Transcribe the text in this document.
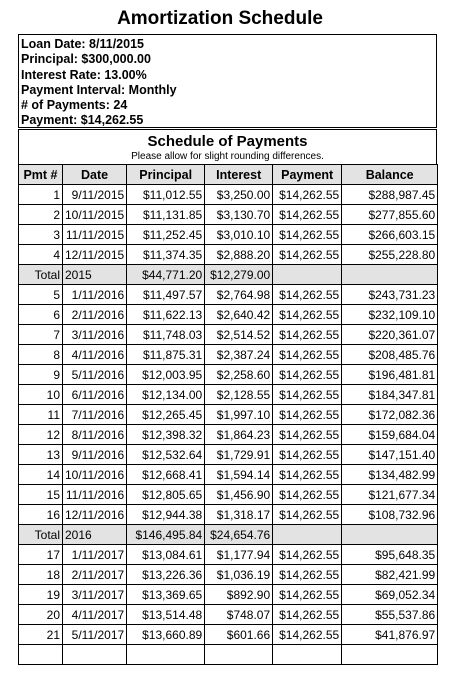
Amortization Schedule
Loan Date: 8/11/2015
Principal: $300,000.00
Interest Rate: 13.00%
Payment Interval: Monthly
# of Payments: 24
Payment: $14,262.55
Schedule of Payments
Please allow for slight rounding differences.
Pmt #	Date	Principal	Interest	Payment	Balance
1	9/11/2015	$11,012.55	$3,250.00	$14,262.55	$288,987.45
2	10/11/2015	$11,131.85	$3,130.70	$14,262.55	$277,855.60
3	11/11/2015	$11,252.45	$3,010.10	$14,262.55	$266,603.15
4	12/11/2015	$11,374.35	$2,888.20	$14,262.55	$255,228.80
Total	2015	$44,771.20	$12,279.00		
5	1/11/2016	$11,497.57	$2,764.98	$14,262.55	$243,731.23
6	2/11/2016	$11,622.13	$2,640.42	$14,262.55	$232,109.10
7	3/11/2016	$11,748.03	$2,514.52	$14,262.55	$220,361.07
8	4/11/2016	$11,875.31	$2,387.24	$14,262.55	$208,485.76
9	5/11/2016	$12,003.95	$2,258.60	$14,262.55	$196,481.81
10	6/11/2016	$12,134.00	$2,128.55	$14,262.55	$184,347.81
11	7/11/2016	$12,265.45	$1,997.10	$14,262.55	$172,082.36
12	8/11/2016	$12,398.32	$1,864.23	$14,262.55	$159,684.04
13	9/11/2016	$12,532.64	$1,729.91	$14,262.55	$147,151.40
14	10/11/2016	$12,668.41	$1,594.14	$14,262.55	$134,482.99
15	11/11/2016	$12,805.65	$1,456.90	$14,262.55	$121,677.34
16	12/11/2016	$12,944.38	$1,318.17	$14,262.55	$108,732.96
Total	2016	$146,495.84	$24,654.76		
17	1/11/2017	$13,084.61	$1,177.94	$14,262.55	$95,648.35
18	2/11/2017	$13,226.36	$1,036.19	$14,262.55	$82,421.99
19	3/11/2017	$13,369.65	$892.90	$14,262.55	$69,052.34
20	4/11/2017	$13,514.48	$748.07	$14,262.55	$55,537.86
21	5/11/2017	$13,660.89	$601.66	$14,262.55	$41,876.97
